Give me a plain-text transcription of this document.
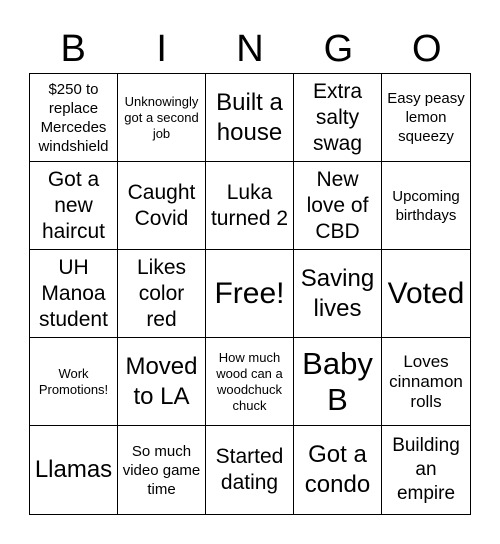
B	I	N	G	O
$250 to replace Mercedes windshield
Unknowingly got a second job
Built a house
Extra salty swag
Easy peasy lemon squeezy
Got a new haircut
Caught Covid
Luka turned 2
New love of CBD
Upcoming birthdays
UH Manoa student
Likes color red
Free! Saving lives Voted
Work Promotions!
Moved to LA
How much wood can a woodchuck chuck
Baby B
Loves cinnamon rolls
Llamas
So much video game time
Started dating
Got a condo
Building an empire
